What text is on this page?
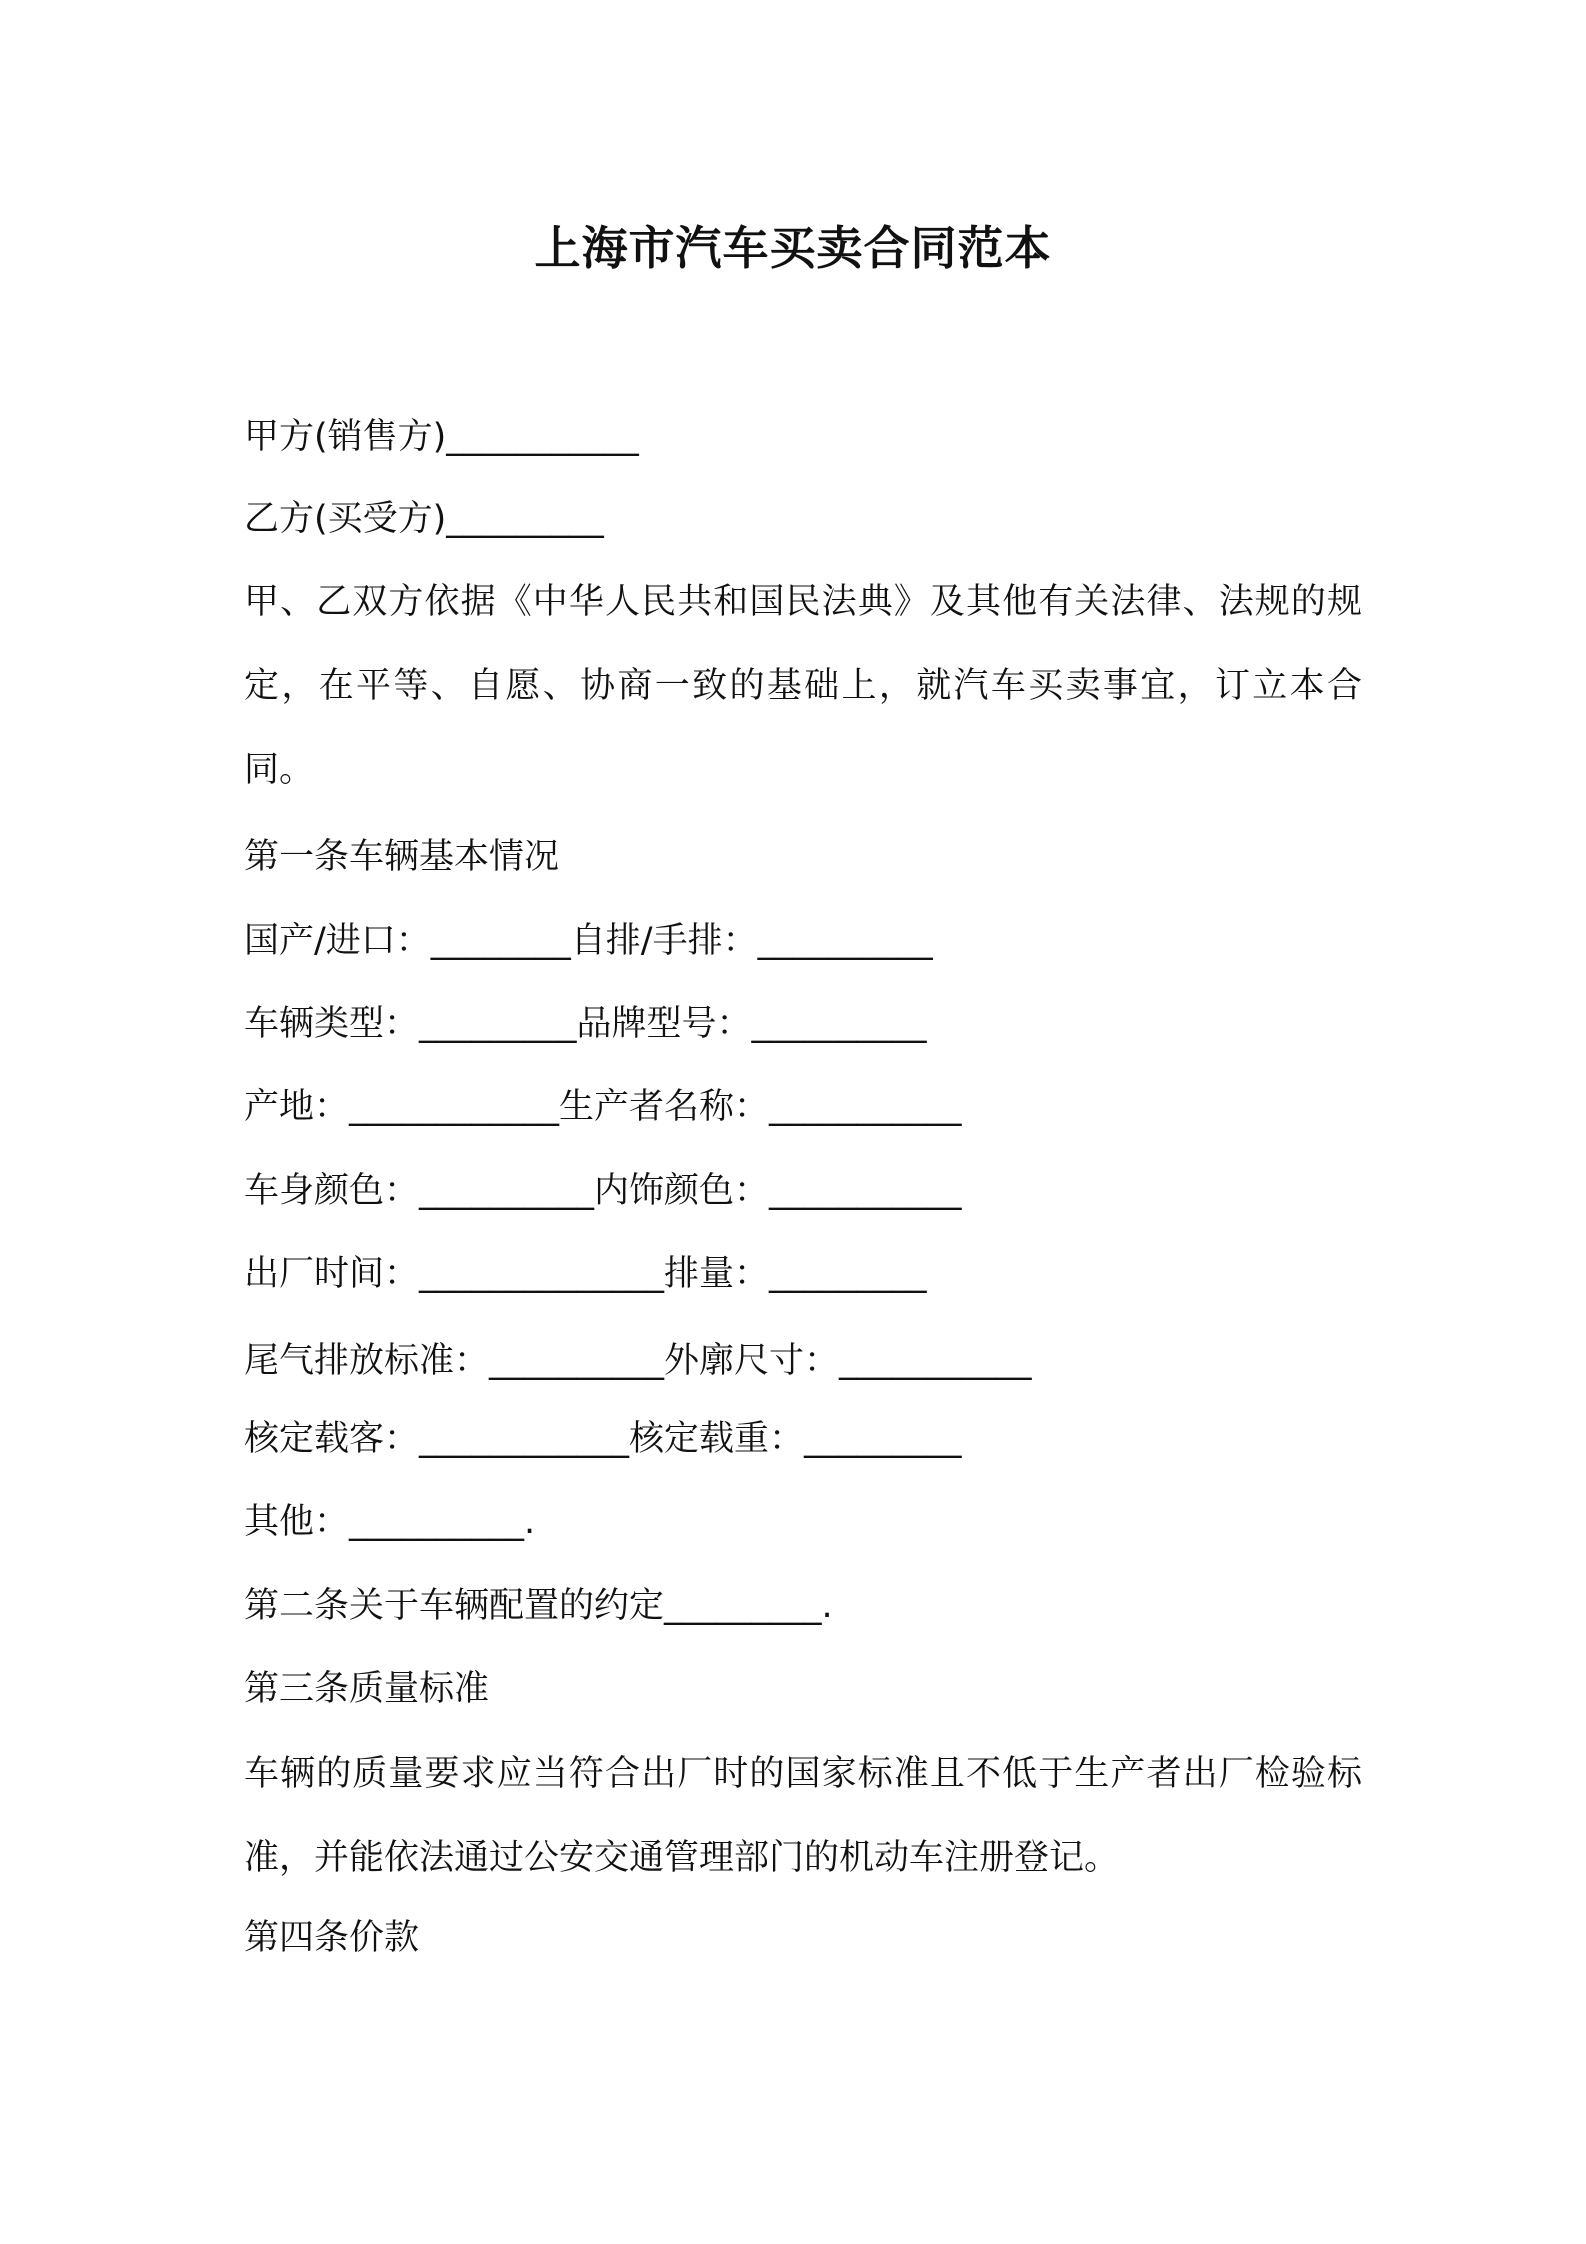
上海市汽车买卖合同范本
甲方(销售方)___________
乙方(买受方)_________
甲、乙双方依据《中华人民共和国民法典》及其他有关法律、法规的规定，在平等、自愿、协商一致的基础上，就汽车买卖事宜，订立本合同。
第一条车辆基本情况
国产/进口：________自排/手排：__________
车辆类型：_________品牌型号：__________
产地：____________生产者名称：___________
车身颜色：__________内饰颜色：___________
出厂时间：______________排量：_________
尾气排放标准：__________外廓尺寸：___________
核定载客：____________核定载重：_________
其他：__________.
第二条关于车辆配置的约定_________.
第三条质量标准
车辆的质量要求应当符合出厂时的国家标准且不低于生产者出厂检验标准，并能依法通过公安交通管理部门的机动车注册登记。
第四条价款
